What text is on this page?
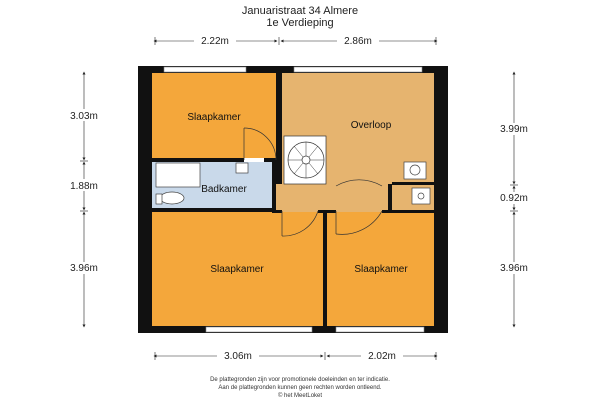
Januaristraat 34 Almere
1e Verdieping
Slaapkamer
Overloop
Badkamer
Slaapkamer	Slaapkamer
2.22m	2.86m
3.06m	2.02m
3.03m
1.88m
3.96m
3.99m
0.92m
3.96m
De plattegronden zijn voor promotionele doeleinden en ter indicatie.
Aan de plattegronden kunnen geen rechten worden ontleend.
© het MeetLoket
